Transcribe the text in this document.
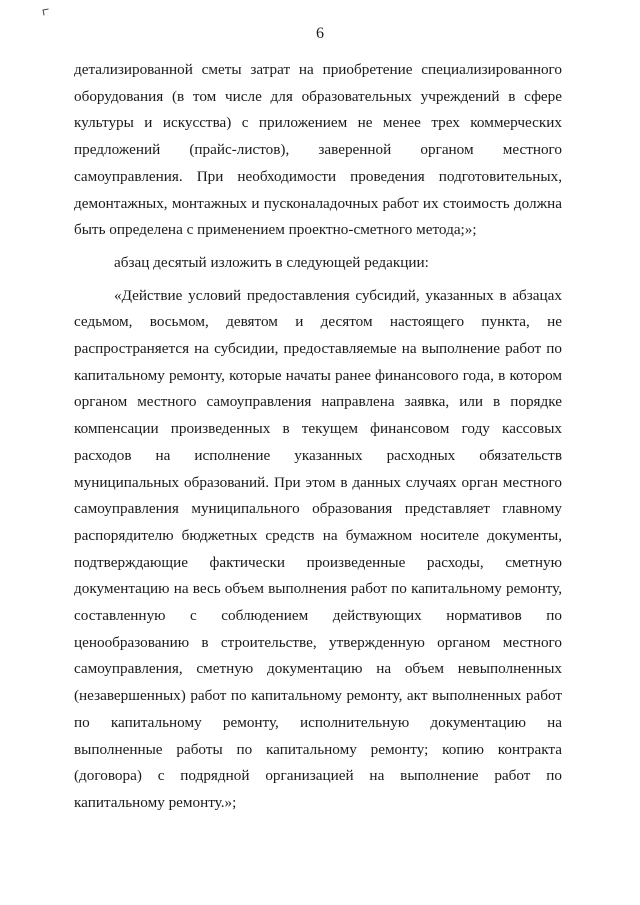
6

детализированной сметы затрат на приобретение специализированного оборудования (в том числе для образовательных учреждений в сфере культуры и искусства) с приложением не менее трех коммерческих предложений (прайс-листов), заверенной органом местного самоуправления. При необходимости проведения подготовительных, демонтажных, монтажных и пусконаладочных работ их стоимость должна быть определена с применением проектно-сметного метода;»;

абзац десятый изложить в следующей редакции:

«Действие условий предоставления субсидий, указанных в абзацах седьмом, восьмом, девятом и десятом настоящего пункта, не распространяется на субсидии, предоставляемые на выполнение работ по капитальному ремонту, которые начаты ранее финансового года, в котором органом местного самоуправления направлена заявка, или в порядке компенсации произведенных в текущем финансовом году кассовых расходов на исполнение указанных расходных обязательств муниципальных образований. При этом в данных случаях орган местного самоуправления муниципального образования представляет главному распорядителю бюджетных средств на бумажном носителе документы, подтверждающие фактически произведенные расходы, сметную документацию на весь объем выполнения работ по капитальному ремонту, составленную с соблюдением действующих нормативов по ценообразованию в строительстве, утвержденную органом местного самоуправления, сметную документацию на объем невыполненных (незавершенных) работ по капитальному ремонту, акт выполненных работ по капитальному ремонту, исполнительную документацию на выполненные работы по капитальному ремонту; копию контракта (договора) с подрядной организацией на выполнение работ по капитальному ремонту.»;
